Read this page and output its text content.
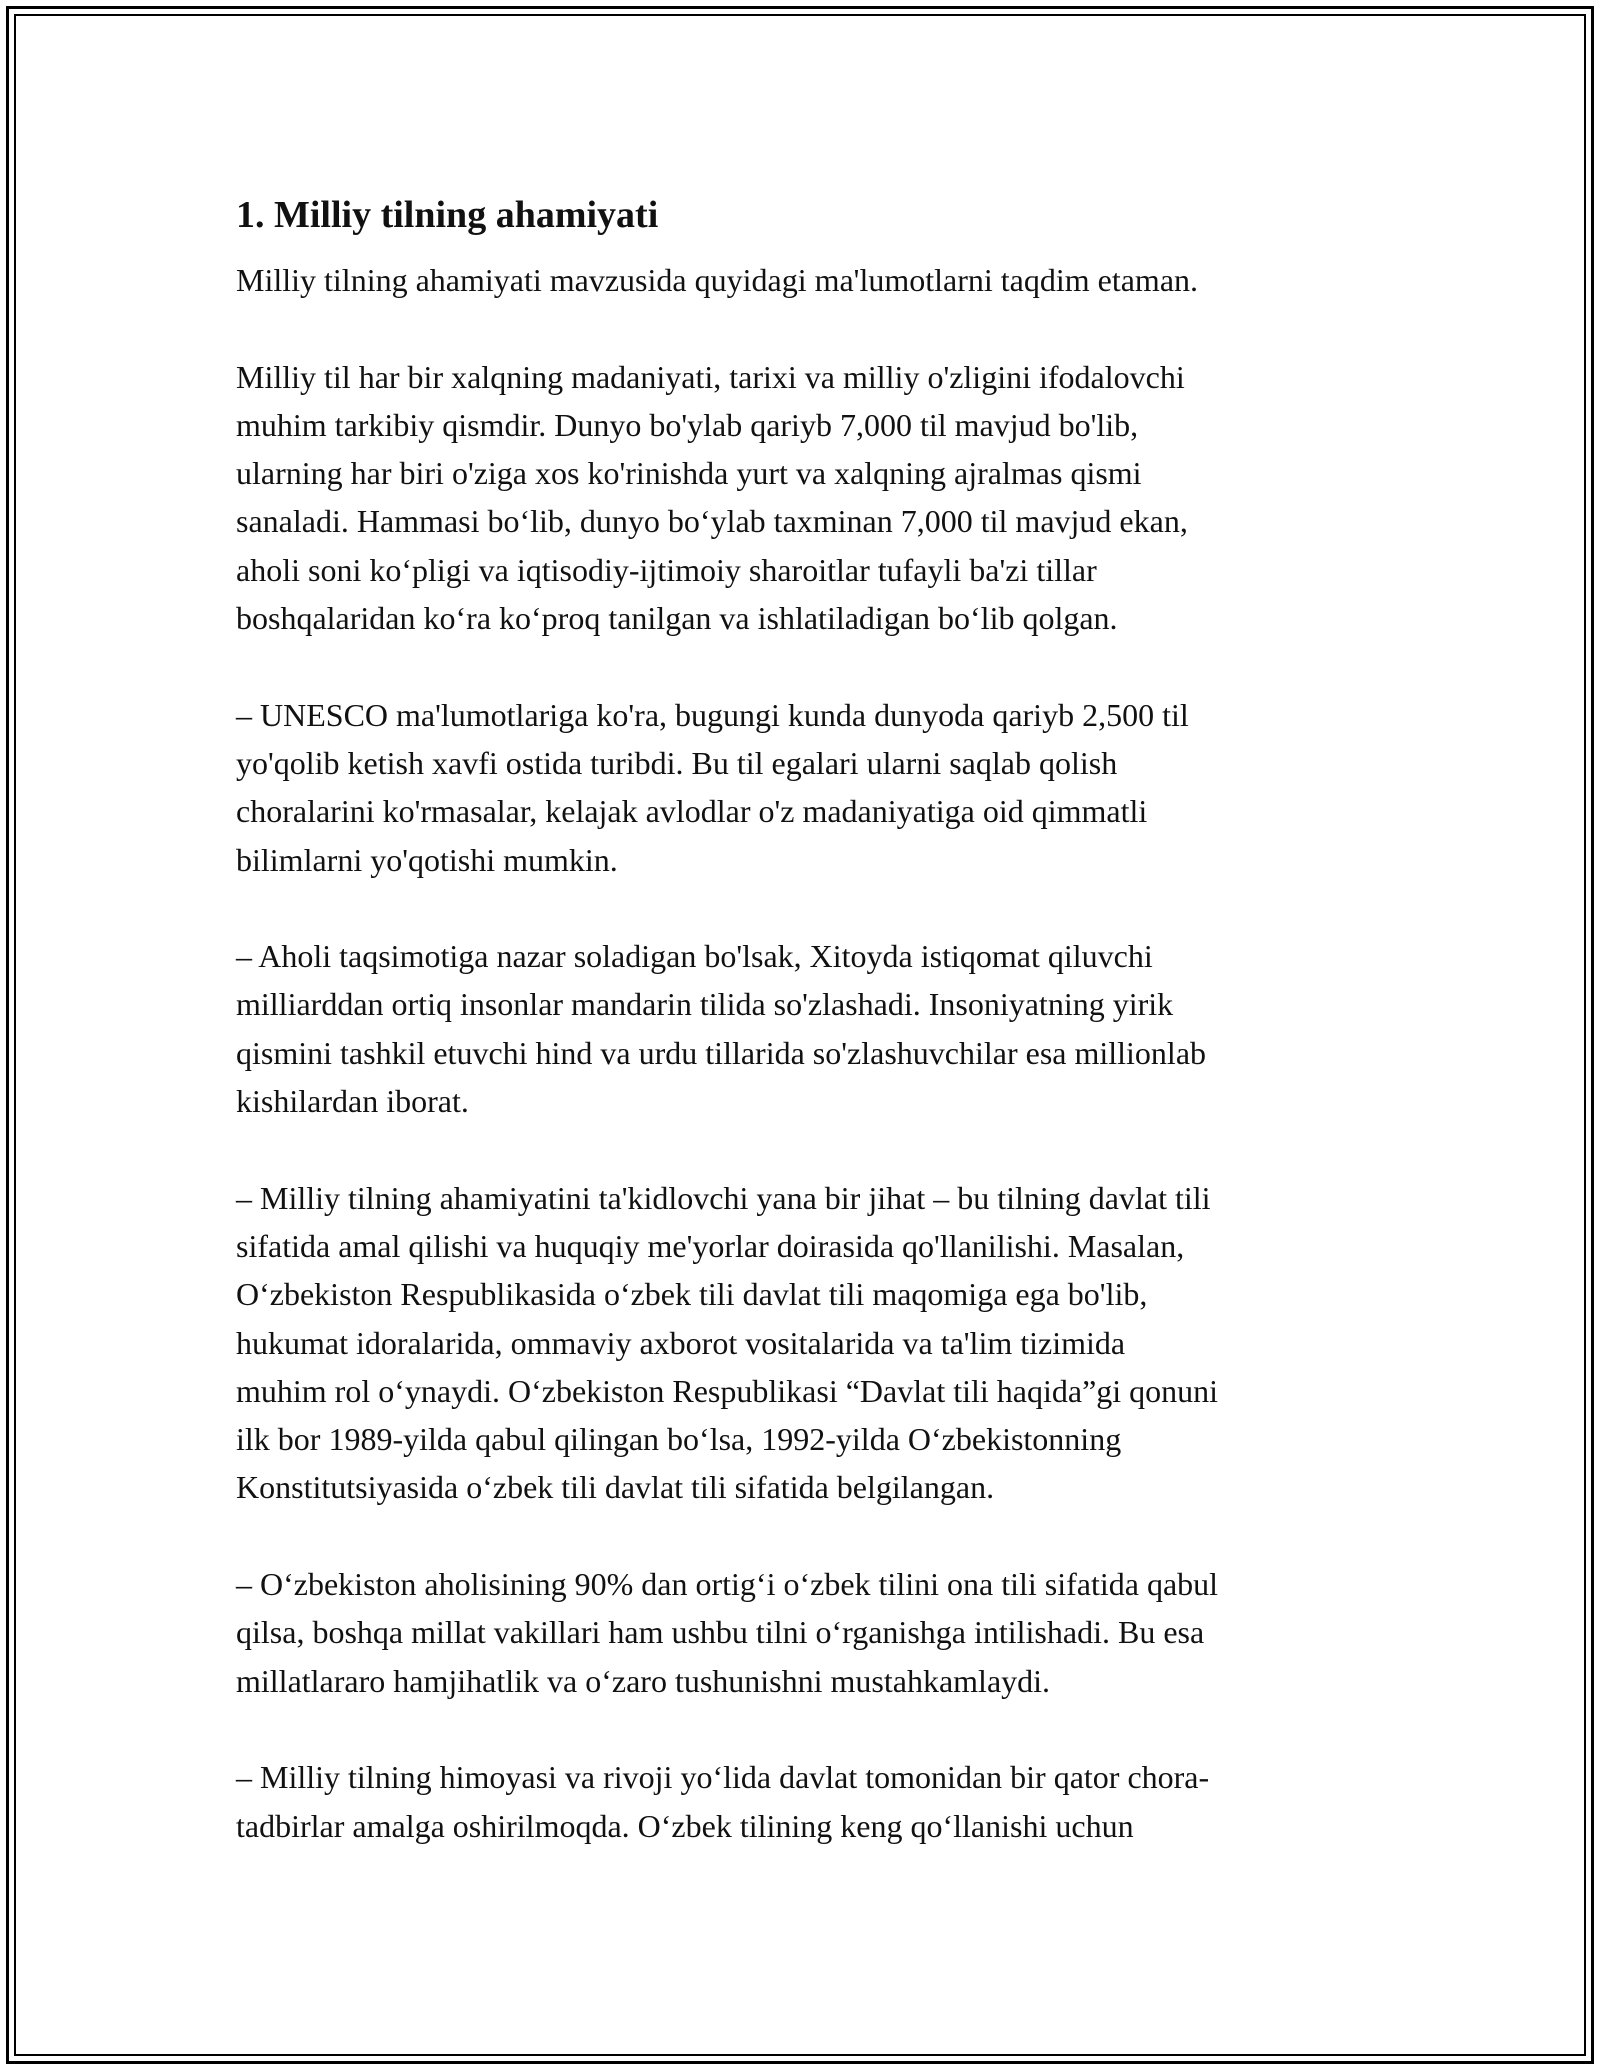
1. Milliy tilning ahamiyati

Milliy tilning ahamiyati mavzusida quyidagi ma'lumotlarni taqdim etaman.

Milliy til har bir xalqning madaniyati, tarixi va milliy o'zligini ifodalovchi
muhim tarkibiy qismdir. Dunyo bo'ylab qariyb 7,000 til mavjud bo'lib,
ularning har biri o'ziga xos ko'rinishda yurt va xalqning ajralmas qismi
sanaladi. Hammasi boʻlib, dunyo boʻylab taxminan 7,000 til mavjud ekan,
aholi soni koʻpligi va iqtisodiy-ijtimoiy sharoitlar tufayli ba'zi tillar
boshqalaridan koʻra koʻproq tanilgan va ishlatiladigan boʻlib qolgan.

– UNESCO ma'lumotlariga ko'ra, bugungi kunda dunyoda qariyb 2,500 til
yo'qolib ketish xavfi ostida turibdi. Bu til egalari ularni saqlab qolish
choralarini ko'rmasalar, kelajak avlodlar o'z madaniyatiga oid qimmatli
bilimlarni yo'qotishi mumkin.

– Aholi taqsimotiga nazar soladigan bo'lsak, Xitoyda istiqomat qiluvchi
milliarddan ortiq insonlar mandarin tilida so'zlashadi. Insoniyatning yirik
qismini tashkil etuvchi hind va urdu tillarida so'zlashuvchilar esa millionlab
kishilardan iborat.

– Milliy tilning ahamiyatini ta'kidlovchi yana bir jihat – bu tilning davlat tili
sifatida amal qilishi va huquqiy me'yorlar doirasida qo'llanilishi. Masalan,
Oʻzbekiston Respublikasida oʻzbek tili davlat tili maqomiga ega bo'lib,
hukumat idoralarida, ommaviy axborot vositalarida va ta'lim tizimida
muhim rol oʻynaydi. Oʻzbekiston Respublikasi “Davlat tili haqida”gi qonuni
ilk bor 1989-yilda qabul qilingan boʻlsa, 1992-yilda Oʻzbekistonning
Konstitutsiyasida oʻzbek tili davlat tili sifatida belgilangan.

– Oʻzbekiston aholisining 90% dan ortigʻi oʻzbek tilini ona tili sifatida qabul
qilsa, boshqa millat vakillari ham ushbu tilni oʻrganishga intilishadi. Bu esa
millatlararo hamjihatlik va oʻzaro tushunishni mustahkamlaydi.

– Milliy tilning himoyasi va rivoji yoʻlida davlat tomonidan bir qator chora-
tadbirlar amalga oshirilmoqda. Oʻzbek tilining keng qoʻllanishi uchun
